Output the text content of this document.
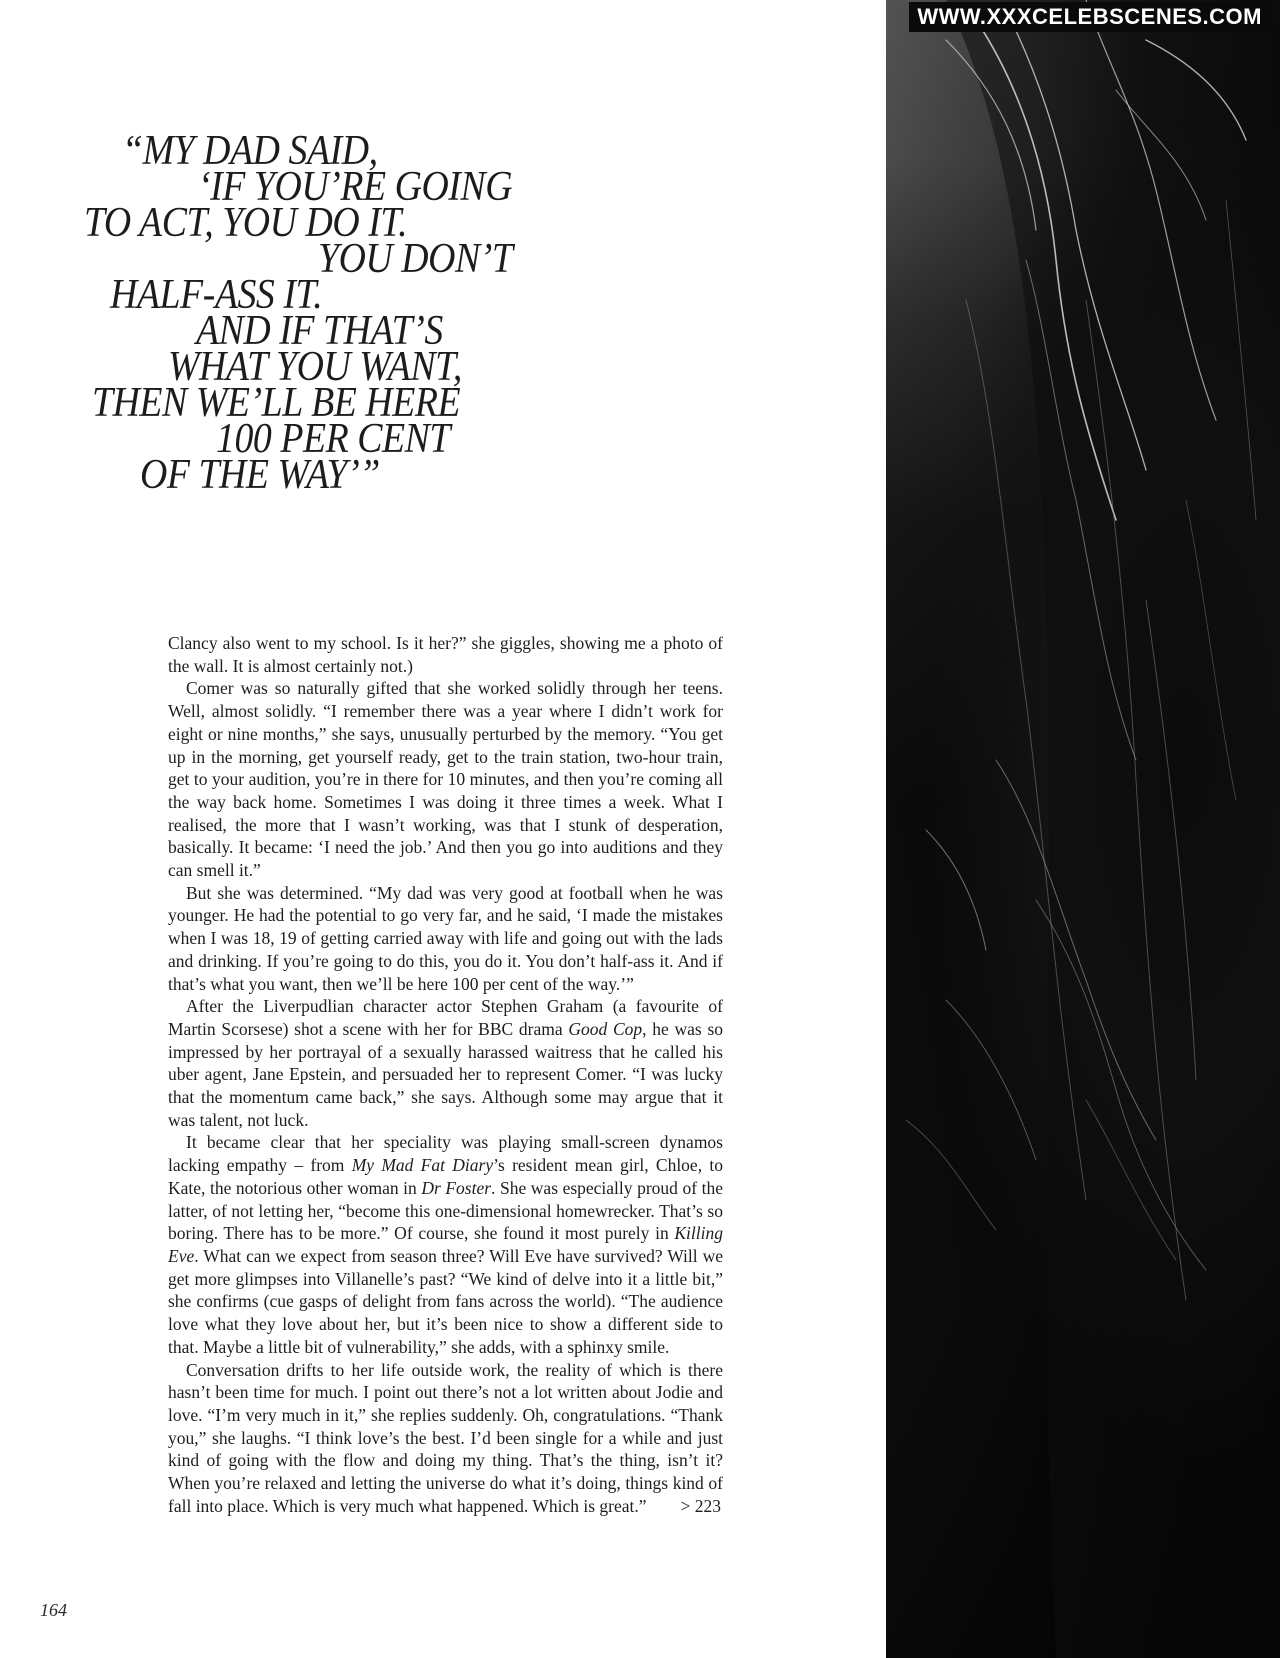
“MY DAD SAID,
‘IF YOU’RE GOING
TO ACT, YOU DO IT.
YOU DON’T
HALF-ASS IT.
AND IF THAT’S
WHAT YOU WANT,
THEN WE’LL BE HERE
100 PER CENT
OF THE WAY’”

Clancy also went to my school. Is it her?” she giggles, showing me a photo of the wall. It is almost certainly not.)

Comer was so naturally gifted that she worked solidly through her teens. Well, almost solidly. “I remember there was a year where I didn’t work for eight or nine months,” she says, unusually perturbed by the memory. “You get up in the morning, get yourself ready, get to the train station, two-hour train, get to your audition, you’re in there for 10 minutes, and then you’re coming all the way back home. Sometimes I was doing it three times a week. What I realised, the more that I wasn’t working, was that I stunk of desperation, basically. It became: ‘I need the job.’ And then you go into auditions and they can smell it.”

But she was determined. “My dad was very good at football when he was younger. He had the potential to go very far, and he said, ‘I made the mistakes when I was 18, 19 of getting carried away with life and going out with the lads and drinking. If you’re going to do this, you do it. You don’t half-ass it. And if that’s what you want, then we’ll be here 100 per cent of the way.’”

After the Liverpudlian character actor Stephen Graham (a favourite of Martin Scorsese) shot a scene with her for BBC drama Good Cop, he was so impressed by her portrayal of a sexually harassed waitress that he called his uber agent, Jane Epstein, and persuaded her to represent Comer. “I was lucky that the momentum came back,” she says. Although some may argue that it was talent, not luck.

It became clear that her speciality was playing small-screen dynamos lacking empathy – from My Mad Fat Diary’s resident mean girl, Chloe, to Kate, the notorious other woman in Dr Foster. She was especially proud of the latter, of not letting her, “become this one-dimensional homewrecker. That’s so boring. There has to be more.” Of course, she found it most purely in Killing Eve. What can we expect from season three? Will Eve have survived? Will we get more glimpses into Villanelle’s past? “We kind of delve into it a little bit,” she confirms (cue gasps of delight from fans across the world). “The audience love what they love about her, but it’s been nice to show a different side to that. Maybe a little bit of vulnerability,” she adds, with a sphinxy smile.

Conversation drifts to her life outside work, the reality of which is there hasn’t been time for much. I point out there’s not a lot written about Jodie and love. “I’m very much in it,” she replies suddenly. Oh, congratulations. “Thank you,” she laughs. “I think love’s the best. I’d been single for a while and just kind of going with the flow and doing my thing. That’s the thing, isn’t it? When you’re relaxed and letting the universe do what it’s doing, things kind of fall into place. Which is very much what happened. Which is great.”	> 223

164
WWW.XXXCELEBSCENES.COM
